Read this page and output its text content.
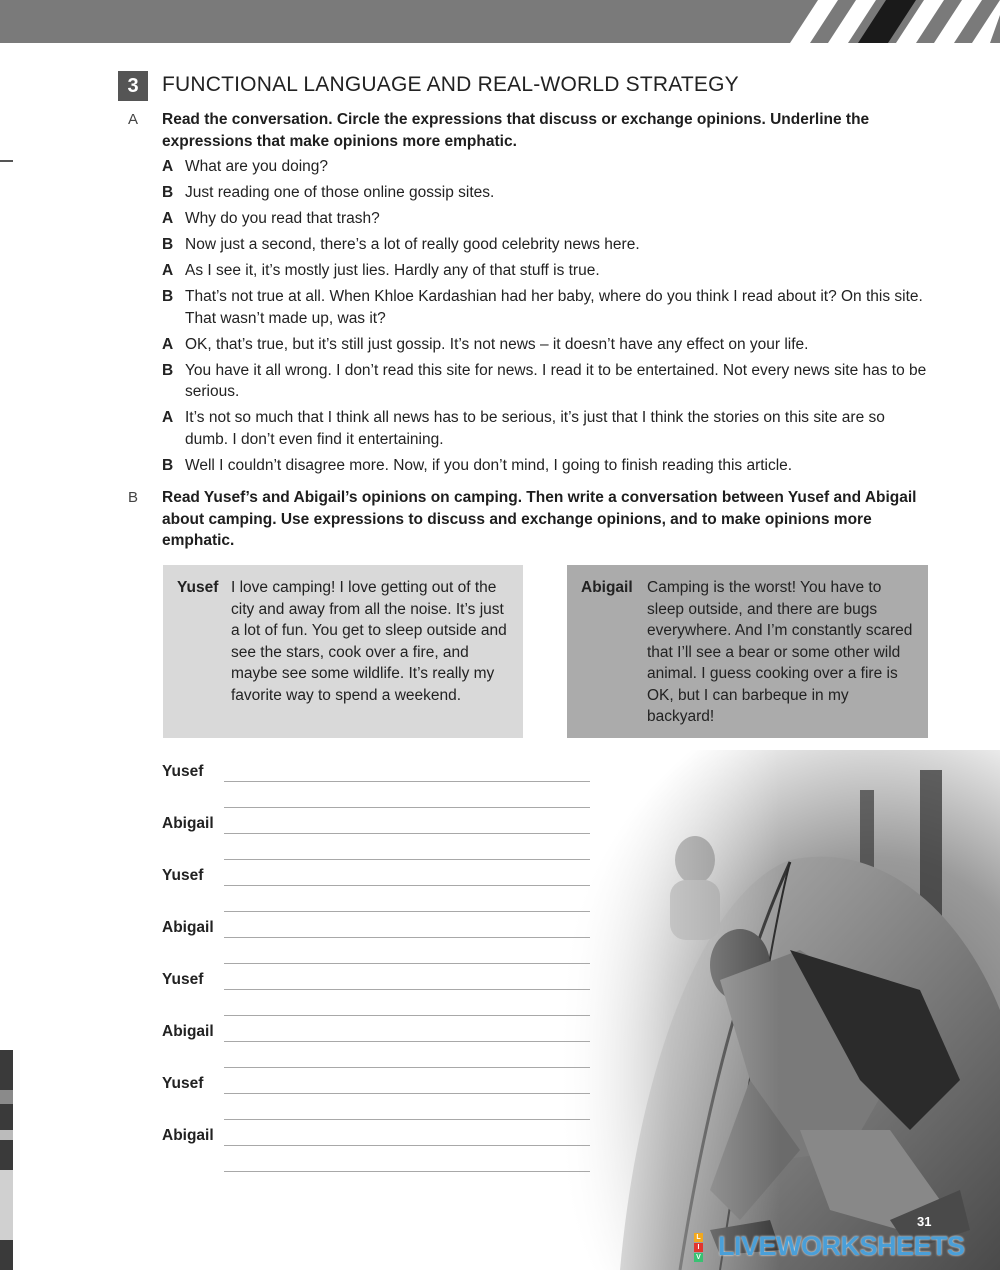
3	FUNCTIONAL LANGUAGE AND REAL-WORLD STRATEGY
A Read the conversation. Circle the expressions that discuss or exchange opinions. Underline the expressions that make opinions more emphatic.
A What are you doing?
B Just reading one of those online gossip sites.
A Why do you read that trash?
B Now just a second, there’s a lot of really good celebrity news here.
A As I see it, it’s mostly just lies. Hardly any of that stuff is true.
B That’s not true at all. When Khloe Kardashian had her baby, where do you think I read about it? On this site. That wasn’t made up, was it?
A OK, that’s true, but it’s still just gossip. It’s not news – it doesn’t have any effect on your life.
B You have it all wrong. I don’t read this site for news. I read it to be entertained. Not every news site has to be serious.
A It’s not so much that I think all news has to be serious, it’s just that I think the stories on this site are so dumb. I don’t even find it entertaining.
B Well I couldn’t disagree more. Now, if you don’t mind, I going to finish reading this article.
B Read Yusef’s and Abigail’s opinions on camping. Then write a conversation between Yusef and Abigail about camping. Use expressions to discuss and exchange opinions, and to make opinions more emphatic.
Yusef I love camping! I love getting out of the city and away from all the noise. It’s just a lot of fun. You get to sleep outside and see the stars, cook over a fire, and maybe see some wildlife. It’s really my favorite way to spend a weekend.
Abigail Camping is the worst! You have to sleep outside, and there are bugs everywhere. And I’m constantly scared that I’ll see a bear or some other wild animal. I guess cooking over a fire is OK, but I can barbeque in my backyard!
Yusef
Abigail
Yusef
Abigail
Yusef
Abigail
Yusef
Abigail
31
L
I
V LIVEWORKSHEETS
